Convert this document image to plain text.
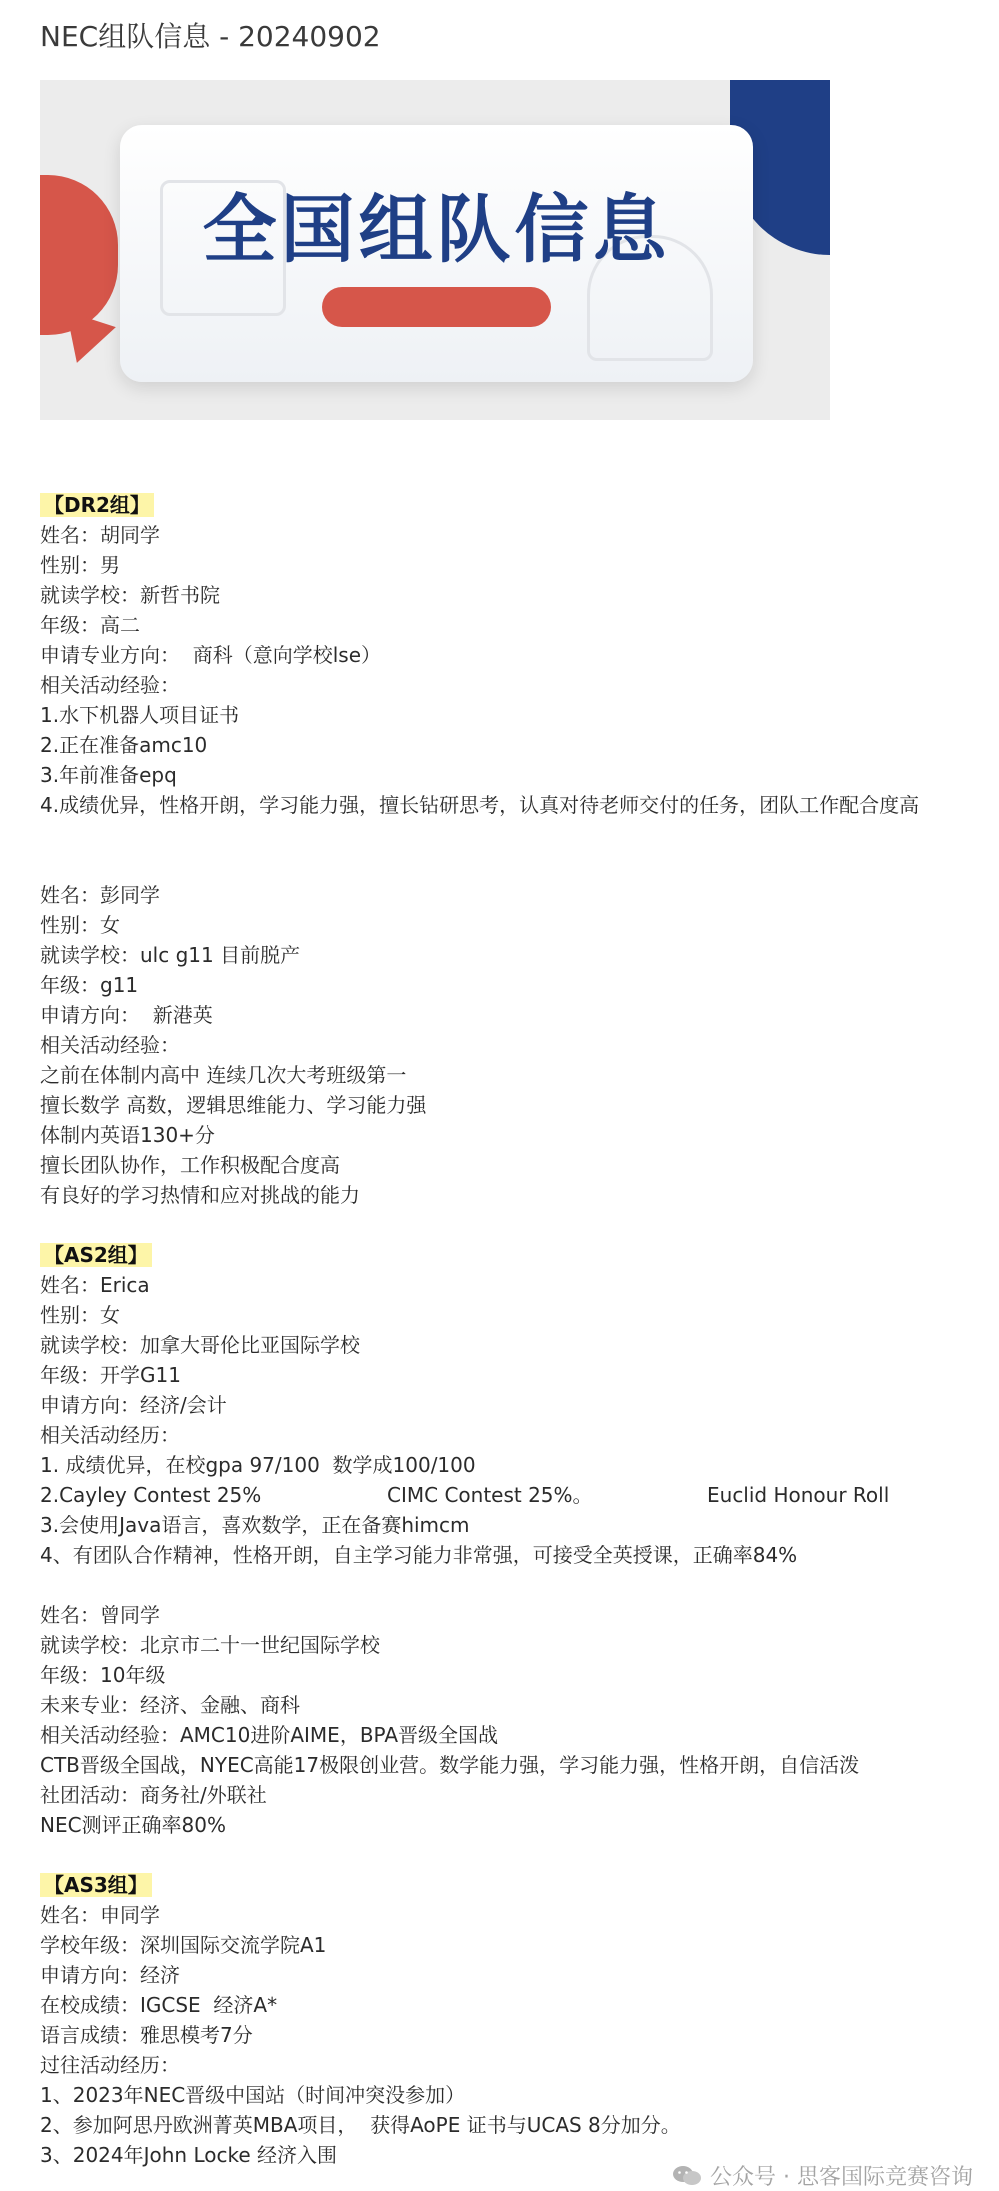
NEC组队信息 - 20240902
全国组队信息
【DR2组】
姓名：胡同学
性别：男
就读学校：新哲书院
年级：高二
申请专业方向：  商科（意向学校lse）
相关活动经验：
1.水下机器人项目证书
2.正在准备amc10
3.年前准备epq
4.成绩优异，性格开朗，学习能力强，擅长钻研思考，认真对待老师交付的任务，团队工作配合度高
姓名：彭同学
性别：女
就读学校：ulc g11 目前脱产
年级：g11
申请方向：  新港英
相关活动经验：
之前在体制内高中 连续几次大考班级第一
擅长数学 高数，逻辑思维能力、学习能力强
体制内英语130+分
擅长团队协作，工作积极配合度高
有良好的学习热情和应对挑战的能力
【AS2组】
姓名：Erica
性别：女
就读学校：加拿大哥伦比亚国际学校
年级：开学G11
申请方向：经济/会计
相关活动经历：
1. 成绩优异，在校gpa 97/100  数学成100/100
2.Cayley Contest 25%	CIMC Contest 25%。	Euclid Honour Roll
3.会使用Java语言，喜欢数学，正在备赛himcm
4、有团队合作精神，性格开朗，自主学习能力非常强，可接受全英授课，正确率84%
姓名：曾同学
就读学校：北京市二十一世纪国际学校
年级：10年级
未来专业：经济、金融、商科
相关活动经验：AMC10进阶AIME，BPA晋级全国战
CTB晋级全国战，NYEC高能17极限创业营。数学能力强，学习能力强，性格开朗，自信活泼
社团活动：商务社/外联社
NEC测评正确率80%
【AS3组】
姓名：申同学
学校年级：深圳国际交流学院A1
申请方向：经济
在校成绩：IGCSE  经济A*
语言成绩：雅思模考7分
过往活动经历：
1、2023年NEC晋级中国站（时间冲突没参加）
2、参加阿思丹欧洲菁英MBA项目，  获得AoPE 证书与UCAS 8分加分。
3、2024年John Locke 经济入围
公众号 · 思客国际竞赛咨询
